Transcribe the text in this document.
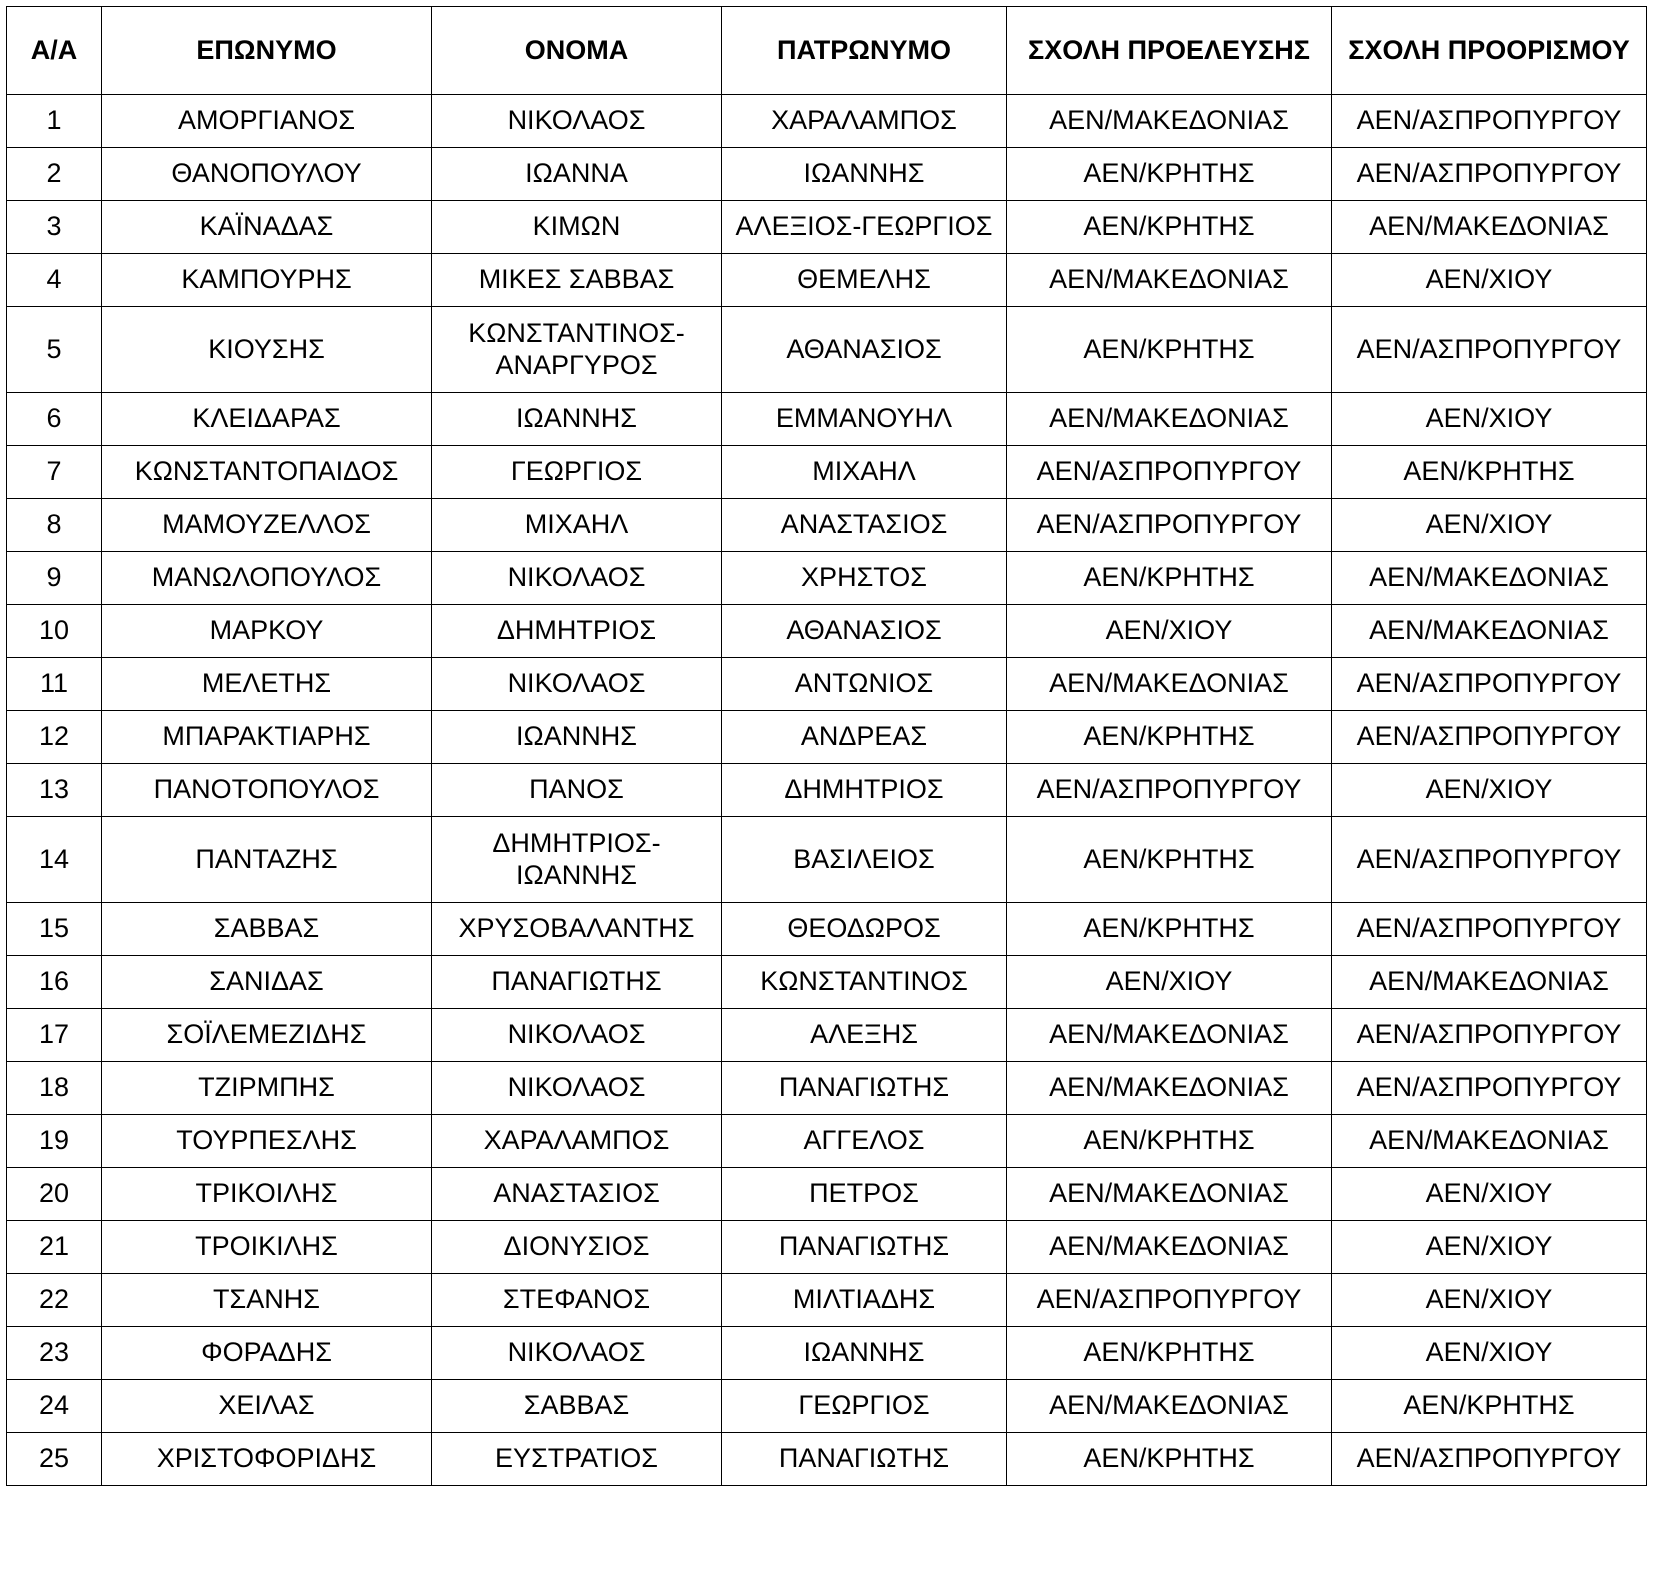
Α/Α	ΕΠΩΝΥΜΟ	ΟΝΟΜΑ	ΠΑΤΡΩΝΥΜΟ	ΣΧΟΛΗ ΠΡΟΕΛΕΥΣΗΣ	ΣΧΟΛΗ ΠΡΟΟΡΙΣΜΟΥ
1	ΑΜΟΡΓΙΑΝΟΣ	ΝΙΚΟΛΑΟΣ	ΧΑΡΑΛΑΜΠΟΣ	ΑΕΝ/ΜΑΚΕΔΟΝΙΑΣ	ΑΕΝ/ΑΣΠΡΟΠΥΡΓΟΥ
2	ΘΑΝΟΠΟΥΛΟΥ	ΙΩΑΝΝΑ	ΙΩΑΝΝΗΣ	ΑΕΝ/ΚΡΗΤΗΣ	ΑΕΝ/ΑΣΠΡΟΠΥΡΓΟΥ
3	ΚΑΪΝΑΔΑΣ	ΚΙΜΩΝ	ΑΛΕΞΙΟΣ-ΓΕΩΡΓΙΟΣ	ΑΕΝ/ΚΡΗΤΗΣ	ΑΕΝ/ΜΑΚΕΔΟΝΙΑΣ
4	ΚΑΜΠΟΥΡΗΣ	ΜΙΚΕΣ ΣΑΒΒΑΣ	ΘΕΜΕΛΗΣ	ΑΕΝ/ΜΑΚΕΔΟΝΙΑΣ	ΑΕΝ/ΧΙΟΥ
5	ΚΙΟΥΣΗΣ	ΚΩΝΣΤΑΝΤΙΝΟΣ-ΑΝΑΡΓΥΡΟΣ	ΑΘΑΝΑΣΙΟΣ	ΑΕΝ/ΚΡΗΤΗΣ	ΑΕΝ/ΑΣΠΡΟΠΥΡΓΟΥ
6	ΚΛΕΙΔΑΡΑΣ	ΙΩΑΝΝΗΣ	ΕΜΜΑΝΟΥΗΛ	ΑΕΝ/ΜΑΚΕΔΟΝΙΑΣ	ΑΕΝ/ΧΙΟΥ
7	ΚΩΝΣΤΑΝΤΟΠΑΙΔΟΣ	ΓΕΩΡΓΙΟΣ	ΜΙΧΑΗΛ	ΑΕΝ/ΑΣΠΡΟΠΥΡΓΟΥ	ΑΕΝ/ΚΡΗΤΗΣ
8	ΜΑΜΟΥΖΕΛΛΟΣ	ΜΙΧΑΗΛ	ΑΝΑΣΤΑΣΙΟΣ	ΑΕΝ/ΑΣΠΡΟΠΥΡΓΟΥ	ΑΕΝ/ΧΙΟΥ
9	ΜΑΝΩΛΟΠΟΥΛΟΣ	ΝΙΚΟΛΑΟΣ	ΧΡΗΣΤΟΣ	ΑΕΝ/ΚΡΗΤΗΣ	ΑΕΝ/ΜΑΚΕΔΟΝΙΑΣ
10	ΜΑΡΚΟΥ	ΔΗΜΗΤΡΙΟΣ	ΑΘΑΝΑΣΙΟΣ	ΑΕΝ/ΧΙΟΥ	ΑΕΝ/ΜΑΚΕΔΟΝΙΑΣ
11	ΜΕΛΕΤΗΣ	ΝΙΚΟΛΑΟΣ	ΑΝΤΩΝΙΟΣ	ΑΕΝ/ΜΑΚΕΔΟΝΙΑΣ	ΑΕΝ/ΑΣΠΡΟΠΥΡΓΟΥ
12	ΜΠΑΡΑΚΤΙΑΡΗΣ	ΙΩΑΝΝΗΣ	ΑΝΔΡΕΑΣ	ΑΕΝ/ΚΡΗΤΗΣ	ΑΕΝ/ΑΣΠΡΟΠΥΡΓΟΥ
13	ΠΑΝΟΤΟΠΟΥΛΟΣ	ΠΑΝΟΣ	ΔΗΜΗΤΡΙΟΣ	ΑΕΝ/ΑΣΠΡΟΠΥΡΓΟΥ	ΑΕΝ/ΧΙΟΥ
14	ΠΑΝΤΑΖΗΣ	ΔΗΜΗΤΡΙΟΣ-ΙΩΑΝΝΗΣ	ΒΑΣΙΛΕΙΟΣ	ΑΕΝ/ΚΡΗΤΗΣ	ΑΕΝ/ΑΣΠΡΟΠΥΡΓΟΥ
15	ΣΑΒΒΑΣ	ΧΡΥΣΟΒΑΛΑΝΤΗΣ	ΘΕΟΔΩΡΟΣ	ΑΕΝ/ΚΡΗΤΗΣ	ΑΕΝ/ΑΣΠΡΟΠΥΡΓΟΥ
16	ΣΑΝΙΔΑΣ	ΠΑΝΑΓΙΩΤΗΣ	ΚΩΝΣΤΑΝΤΙΝΟΣ	ΑΕΝ/ΧΙΟΥ	ΑΕΝ/ΜΑΚΕΔΟΝΙΑΣ
17	ΣΟΪΛΕΜΕΖΙΔΗΣ	ΝΙΚΟΛΑΟΣ	ΑΛΕΞΗΣ	ΑΕΝ/ΜΑΚΕΔΟΝΙΑΣ	ΑΕΝ/ΑΣΠΡΟΠΥΡΓΟΥ
18	ΤΖΙΡΜΠΗΣ	ΝΙΚΟΛΑΟΣ	ΠΑΝΑΓΙΩΤΗΣ	ΑΕΝ/ΜΑΚΕΔΟΝΙΑΣ	ΑΕΝ/ΑΣΠΡΟΠΥΡΓΟΥ
19	ΤΟΥΡΠΕΣΛΗΣ	ΧΑΡΑΛΑΜΠΟΣ	ΑΓΓΕΛΟΣ	ΑΕΝ/ΚΡΗΤΗΣ	ΑΕΝ/ΜΑΚΕΔΟΝΙΑΣ
20	ΤΡΙΚΟΙΛΗΣ	ΑΝΑΣΤΑΣΙΟΣ	ΠΕΤΡΟΣ	ΑΕΝ/ΜΑΚΕΔΟΝΙΑΣ	ΑΕΝ/ΧΙΟΥ
21	ΤΡΟΙΚΙΛΗΣ	ΔΙΟΝΥΣΙΟΣ	ΠΑΝΑΓΙΩΤΗΣ	ΑΕΝ/ΜΑΚΕΔΟΝΙΑΣ	ΑΕΝ/ΧΙΟΥ
22	ΤΣΑΝΗΣ	ΣΤΕΦΑΝΟΣ	ΜΙΛΤΙΑΔΗΣ	ΑΕΝ/ΑΣΠΡΟΠΥΡΓΟΥ	ΑΕΝ/ΧΙΟΥ
23	ΦΟΡΑΔΗΣ	ΝΙΚΟΛΑΟΣ	ΙΩΑΝΝΗΣ	ΑΕΝ/ΚΡΗΤΗΣ	ΑΕΝ/ΧΙΟΥ
24	ΧΕΙΛΑΣ	ΣΑΒΒΑΣ	ΓΕΩΡΓΙΟΣ	ΑΕΝ/ΜΑΚΕΔΟΝΙΑΣ	ΑΕΝ/ΚΡΗΤΗΣ
25	ΧΡΙΣΤΟΦΟΡΙΔΗΣ	ΕΥΣΤΡΑΤΙΟΣ	ΠΑΝΑΓΙΩΤΗΣ	ΑΕΝ/ΚΡΗΤΗΣ	ΑΕΝ/ΑΣΠΡΟΠΥΡΓΟΥ
